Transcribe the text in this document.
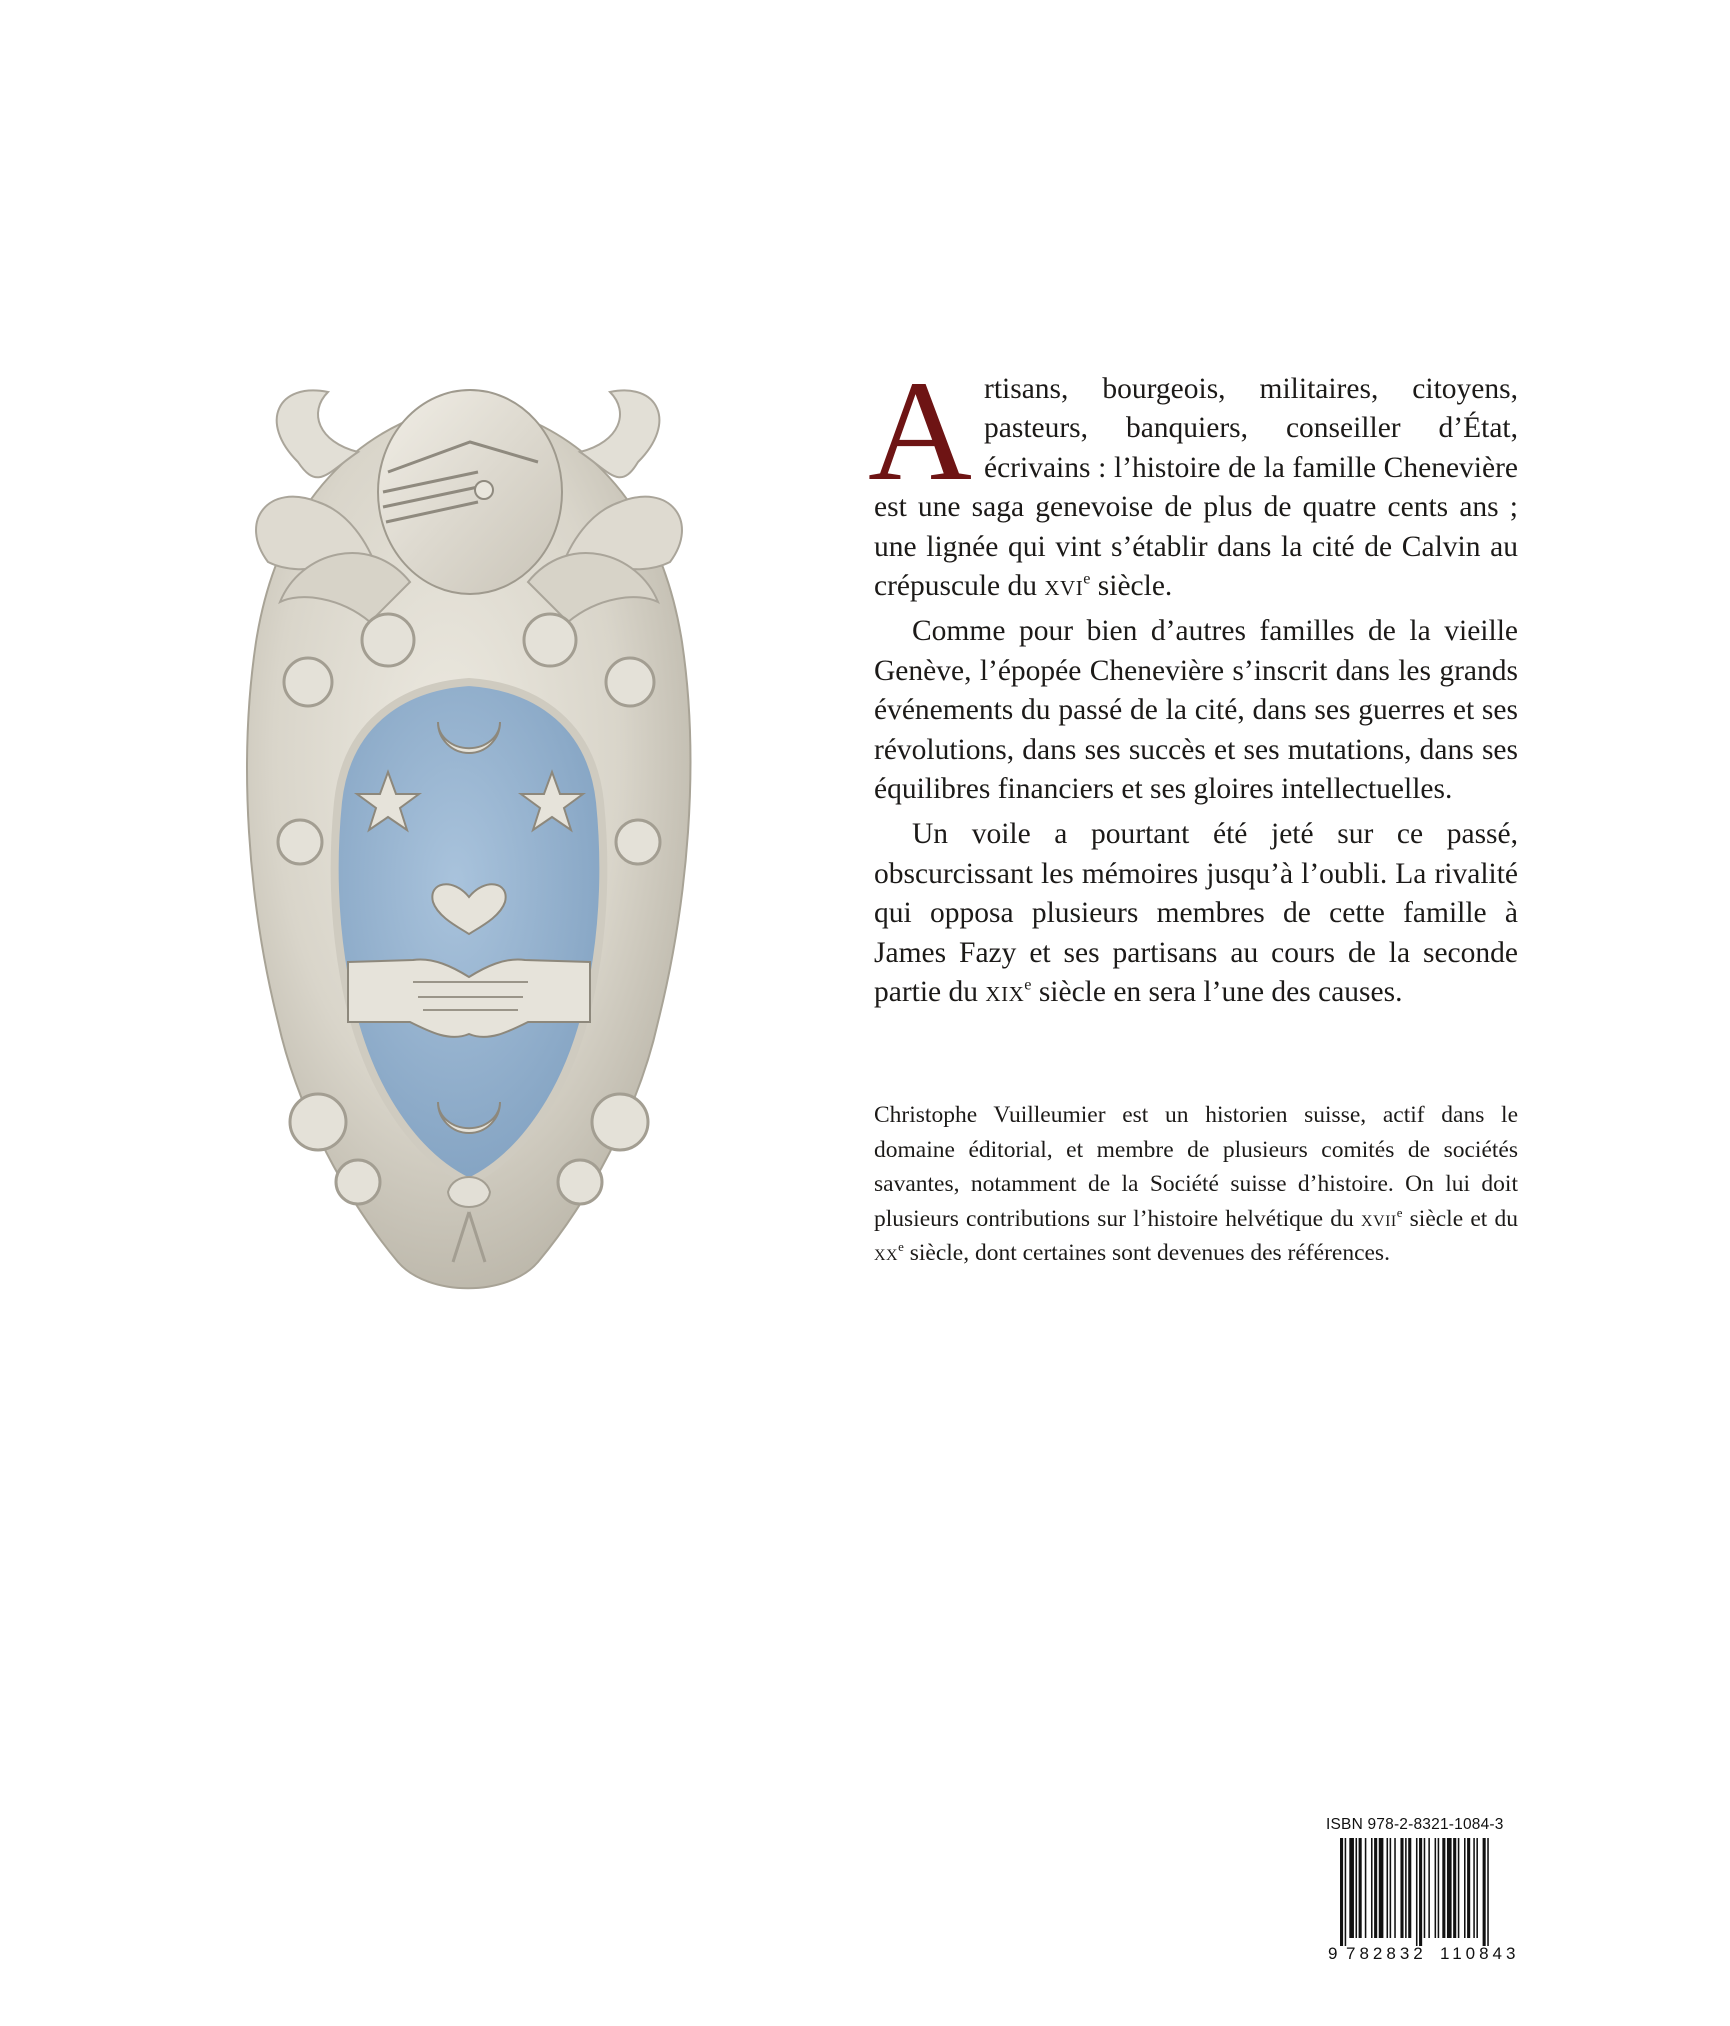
Artisans, bourgeois, militaires, citoyens, pasteurs, banquiers, conseiller d’État, écrivains : l’histoire de la famille Chenevière est une saga genevoise de plus de quatre cents ans ; une lignée qui vint s’établir dans la cité de Calvin au crépuscule du xvi$^e$ siècle.

Comme pour bien d’autres familles de la vieille Genève, l’épopée Chenevière s’inscrit dans les grands événements du passé de la cité, dans ses guerres et ses révolutions, dans ses succès et ses mutations, dans ses équilibres financiers et ses gloires intellectuelles.

Un voile a pourtant été jeté sur ce passé, obscurcissant les mémoires jusqu’à l’oubli. La rivalité qui opposa plusieurs membres de cette famille à James Fazy et ses partisans au cours de la seconde partie du xix$^e$ siècle en sera l’une des causes.

Christophe Vuilleumier est un historien suisse, actif dans le domaine éditorial, et membre de plusieurs comités de sociétés savantes, notamment de la Société suisse d’histoire. On lui doit plusieurs contributions sur l’histoire helvétique du xvii$^e$ siècle et du $xx^e$ siècle, dont certaines sont devenues des références.

ISBN 978-2-8321-1084-3
9 782832 110843
